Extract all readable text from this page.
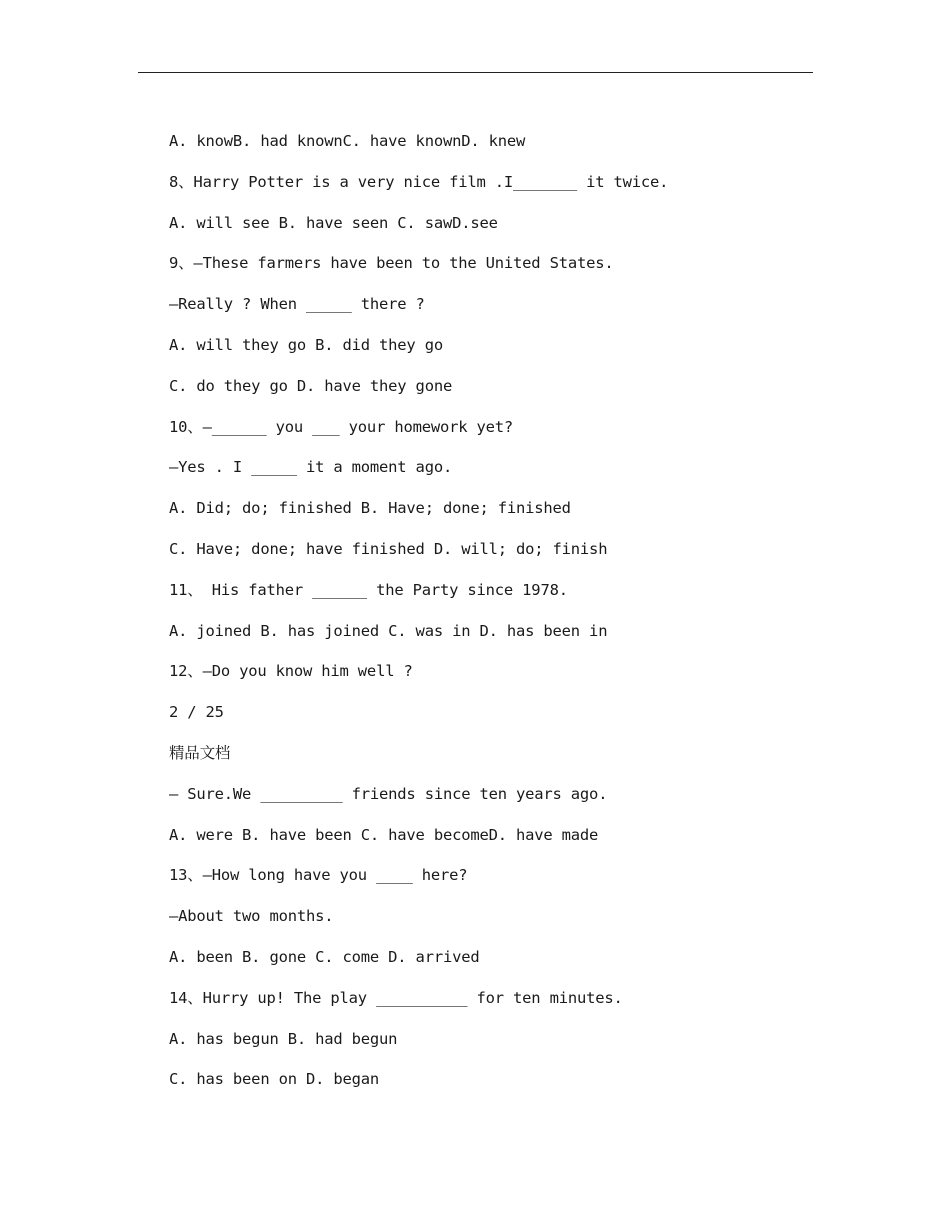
A. knowB. had knownC. have knownD. knew
8、Harry Potter is a very nice film .I_______ it twice.
A. will see B. have seen C. sawD.see
9、—These farmers have been to the United States.
—Really ? When _____ there ?
A. will they go B. did they go
C. do they go D. have they gone
10、—______ you ___ your homework yet?
—Yes . I _____ it a moment ago.
A. Did; do; finished B. Have; done; finished
C. Have; done; have finished D. will; do; finish
11、 His father ______ the Party since 1978.
A. joined B. has joined C. was in D. has been in
12、—Do you know him well ?
2 / 25
精品文档
— Sure.We _________ friends since ten years ago.
A. were B. have been C. have becomeD. have made
13、—How long have you ____ here?
—About two months.
A. been B. gone C. come D. arrived
14、Hurry up! The play __________ for ten minutes.
A. has begun B. had begun
C. has been on D. began
